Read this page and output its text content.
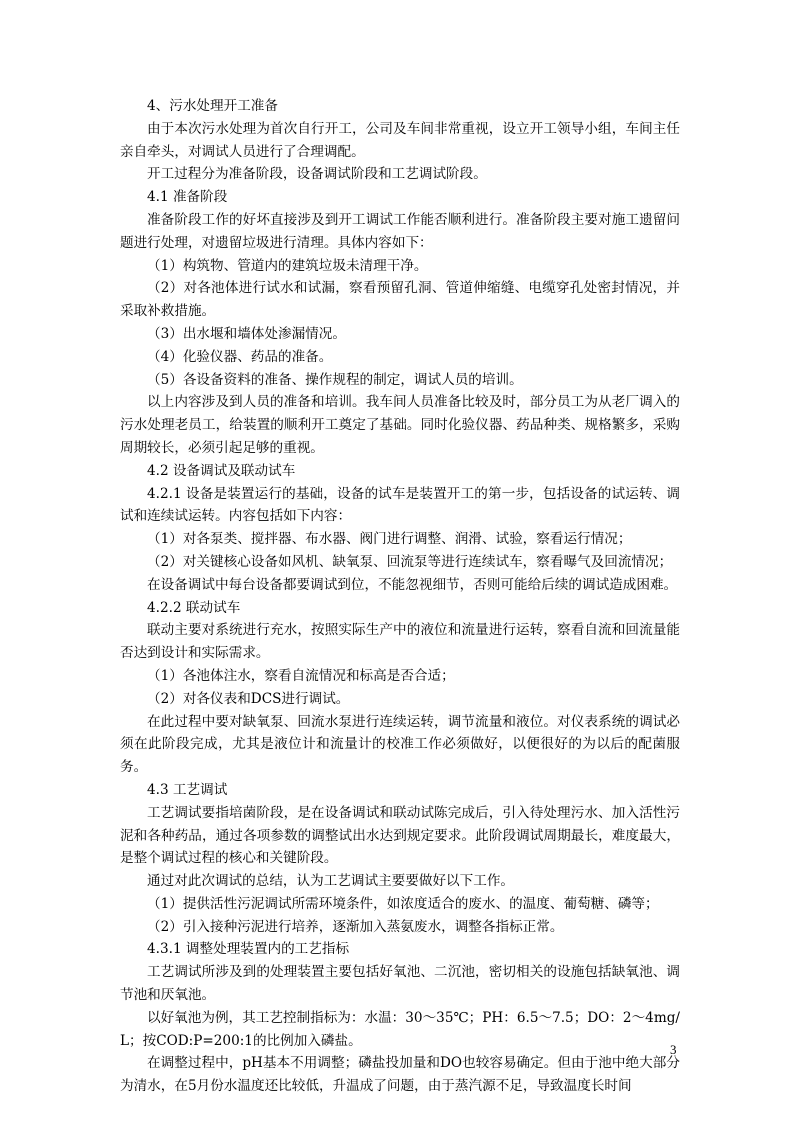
4、污水处理开工准备

由于本次污水处理为首次自行开工，公司及车间非常重视，设立开工领导小组，车间主任亲自牵头，对调试人员进行了合理调配。

开工过程分为准备阶段，设备调试阶段和工艺调试阶段。

4.1 准备阶段

准备阶段工作的好坏直接涉及到开工调试工作能否顺利进行。准备阶段主要对施工遗留问题进行处理，对遗留垃圾进行清理。具体内容如下：

（1）构筑物、管道内的建筑垃圾未清理干净。

（2）对各池体进行试水和试漏，察看预留孔洞、管道伸缩缝、电缆穿孔处密封情况，并采取补救措施。

（3）出水堰和墙体处渗漏情况。

（4）化验仪器、药品的准备。

（5）各设备资料的准备、操作规程的制定，调试人员的培训。

以上内容涉及到人员的准备和培训。我车间人员准备比较及时，部分员工为从老厂调入的污水处理老员工，给装置的顺利开工奠定了基础。同时化验仪器、药品种类、规格繁多，采购周期较长，必须引起足够的重视。

4.2 设备调试及联动试车

4.2.1 设备是装置运行的基础，设备的试车是装置开工的第一步，包括设备的试运转、调试和连续试运转。内容包括如下内容：

（1）对各泵类、搅拌器、布水器、阀门进行调整、润滑、试验，察看运行情况；

（2）对关键核心设备如风机、缺氧泵、回流泵等进行连续试车，察看曝气及回流情况；

在设备调试中每台设备都要调试到位，不能忽视细节，否则可能给后续的调试造成困难。

4.2.2 联动试车

联动主要对系统进行充水，按照实际生产中的液位和流量进行运转，察看自流和回流量能否达到设计和实际需求。

（1）各池体注水，察看自流情况和标高是否合适；

（2）对各仪表和DCS进行调试。

在此过程中要对缺氧泵、回流水泵进行连续运转，调节流量和液位。对仪表系统的调试必须在此阶段完成，尤其是液位计和流量计的校准工作必须做好，以便很好的为以后的配菌服务。

4.3 工艺调试

工艺调试要指培菌阶段，是在设备调试和联动试陈完成后，引入待处理污水、加入活性污泥和各种药品，通过各项参数的调整试出水达到规定要求。此阶段调试周期最长，难度最大，是整个调试过程的核心和关键阶段。

通过对此次调试的总结，认为工艺调试主要要做好以下工作。

（1）提供活性污泥调试所需环境条件，如浓度适合的废水、的温度、葡萄糖、磷等；

（2）引入接种污泥进行培养，逐渐加入蒸氨废水，调整各指标正常。

4.3.1 调整处理装置内的工艺指标

工艺调试所涉及到的处理装置主要包括好氧池、二沉池，密切相关的设施包括缺氧池、调节池和厌氧池。

以好氧池为例，其工艺控制指标为：水温：30～35℃；PH：6.5～7.5；DO：2～4mg/L；按COD:P=200:1的比例加入磷盐。

在调整过程中，pH基本不用调整；磷盐投加量和DO也较容易确定。但由于池中绝大部分为清水，在5月份水温度还比较低，升温成了问题，由于蒸汽源不足，导致温度长时间

3
